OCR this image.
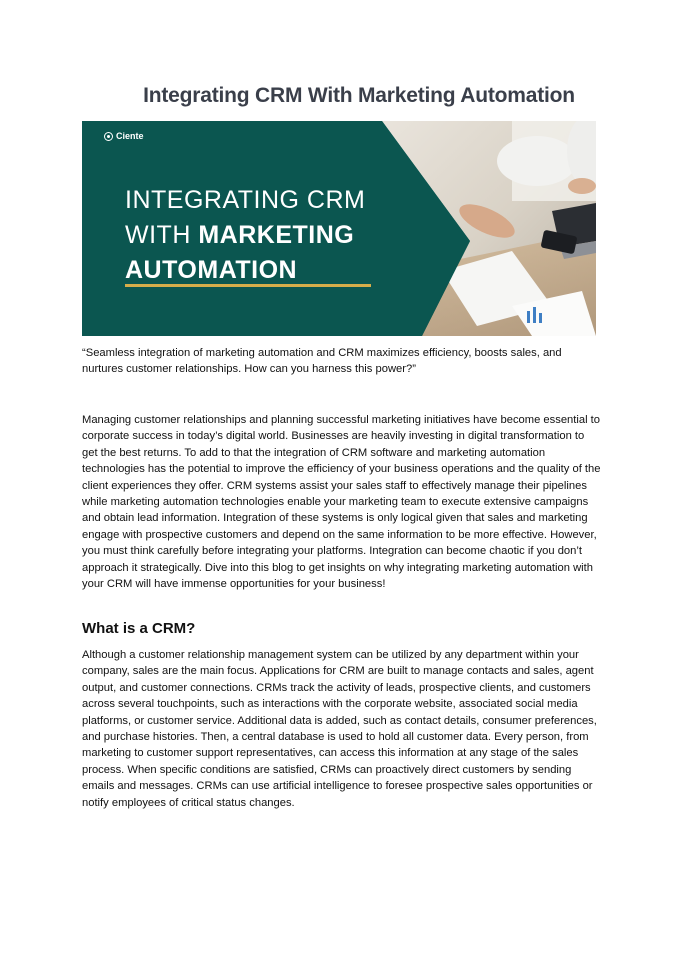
Integrating CRM With Marketing Automation
Ciente
INTEGRATING CRM
WITH MARKETING
AUTOMATION
“Seamless integration of marketing automation and CRM maximizes efficiency, boosts sales, and nurtures customer relationships. How can you harness this power?”
Managing customer relationships and planning successful marketing initiatives have become essential to corporate success in today’s digital world. Businesses are heavily investing in digital transformation to get the best returns. To add to that the integration of CRM software and marketing automation technologies has the potential to improve the efficiency of your business operations and the quality of the client experiences they offer. CRM systems assist your sales staff to effectively manage their pipelines while marketing automation technologies enable your marketing team to execute extensive campaigns and obtain lead information. Integration of these systems is only logical given that sales and marketing engage with prospective customers and depend on the same information to be more effective. However, you must think carefully before integrating your platforms. Integration can become chaotic if you don’t approach it strategically. Dive into this blog to get insights on why integrating marketing automation with your CRM will have immense opportunities for your business!
What is a CRM?
Although a customer relationship management system can be utilized by any department within your company, sales are the main focus. Applications for CRM are built to manage contacts and sales, agent output, and customer connections. CRMs track the activity of leads, prospective clients, and customers across several touchpoints, such as interactions with the corporate website, associated social media platforms, or customer service. Additional data is added, such as contact details, consumer preferences, and purchase histories. Then, a central database is used to hold all customer data. Every person, from marketing to customer support representatives, can access this information at any stage of the sales process. When specific conditions are satisfied, CRMs can proactively direct customers by sending emails and messages. CRMs can use artificial intelligence to foresee prospective sales opportunities or notify employees of critical status changes.
